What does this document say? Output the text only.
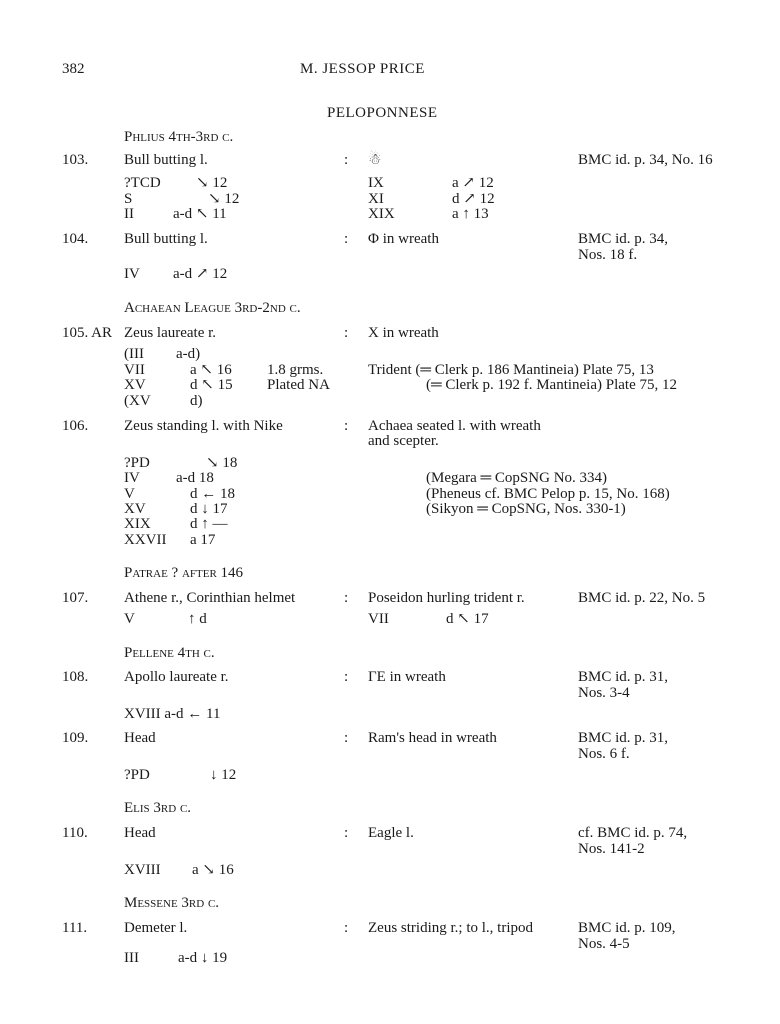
382	M. JESSOP PRICE
PELOPONNESE
Phlius 4th-3rd c.
103. Bull butting l.	: ☃	BMC id. p. 34, No. 16
?TCD ↘ 12	IX	a ↗ 12
S	↘ 12	XI	d ↗ 12
II	a-d ↖ 11	XIX	a ↑ 13
104. Bull butting l.	: Φ in wreath	BMC id. p. 34,
Nos. 18 f.
IV a-d ↗ 12
Achaean League 3rd-2nd c.
105. AR Zeus laureate r.	: Χ in wreath
(III a-d)
VII	a ↖ 16 1.8 grms.	Trident (═ Clerk p. 186 Mantineia) Plate 75, 13
XV	d ↖ 15 Plated NA	(═ Clerk p. 192 f. Mantineia) Plate 75, 12
(XV	d)
106. Zeus standing l. with Nike	: Achaea seated l. with wreath
and scepter.
?PD	↘ 18
IV a-d 18	(Megara ═ CopSNG No. 334)
V	d ← 18	(Pheneus cf. BMC Pelop p. 15, No. 168)
XV	d ↓ 17	(Sikyon ═ CopSNG, Nos. 330-1)
XIX	d ↑ —
XXVII a 17
Patrae ? after 146
107. Athene r., Corinthian helmet	: Poseidon hurling trident r.	BMC id. p. 22, No. 5
V	↑ d	VII	d ↖ 17
Pellene 4th c.
108. Apollo laureate r.	: ΓE in wreath	BMC id. p. 31,
Nos. 3-4
XVIII a-d ← 11
109. Head	: Ram's head in wreath	BMC id. p. 31,
Nos. 6 f.
?PD	↓ 12
Elis 3rd c.
110. Head	: Eagle l.	cf. BMC id. p. 74,
Nos. 141-2
XVIII a ↘ 16
Messene 3rd c.
111. Demeter l.	: Zeus striding r.; to l., tripod	BMC id. p. 109,
Nos. 4-5
III	a-d ↓ 19
